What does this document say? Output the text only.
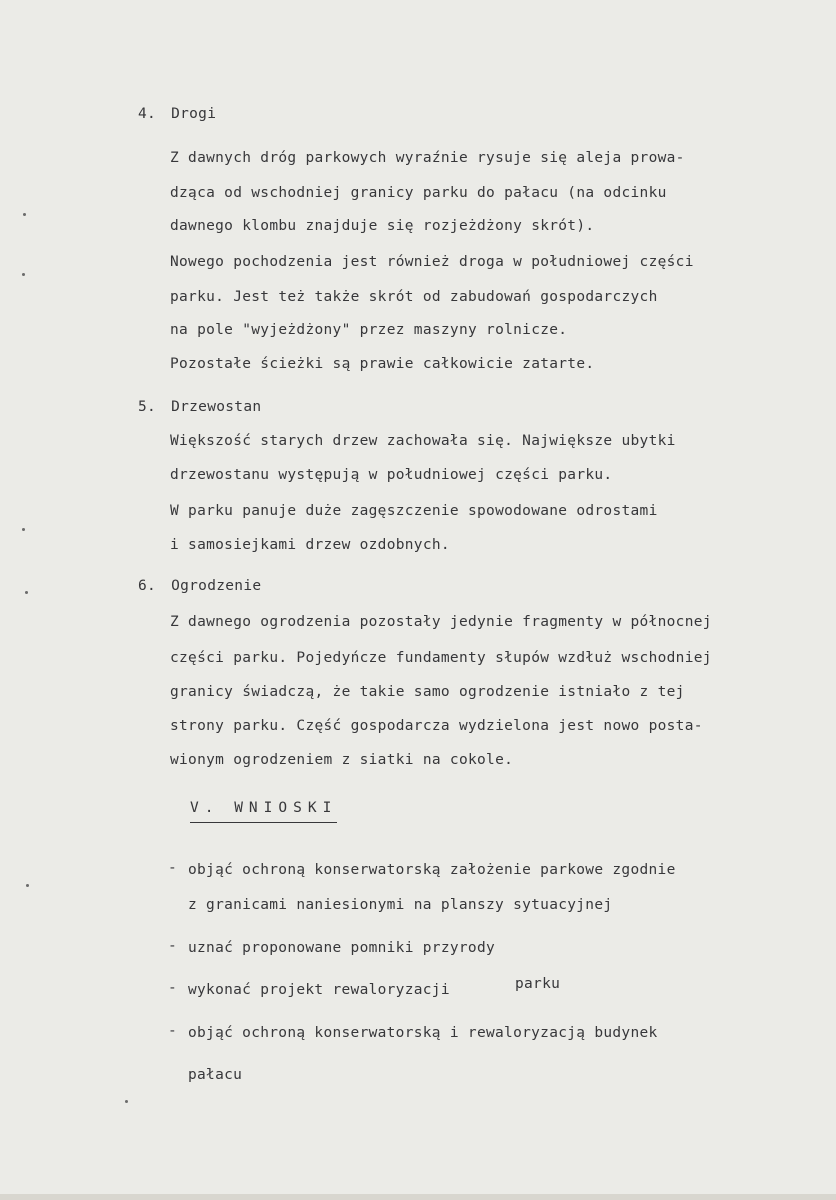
4. Drogi
Z dawnych dróg parkowych wyraźnie rysuje się aleja prowa-
dząca od wschodniej granicy parku do pałacu (na odcinku
dawnego klombu znajduje się rozjeżdżony skrót).
Nowego pochodzenia jest również droga w południowej części
parku. Jest też także skrót od zabudowań gospodarczych
na pole "wyjeżdżony" przez maszyny rolnicze.
Pozostałe ścieżki są prawie całkowicie zatarte.
5. Drzewostan
Większość starych drzew zachowała się. Największe ubytki
drzewostanu występują w południowej części parku.
W parku panuje duże zagęszczenie spowodowane odrostami
i samosiejkami drzew ozdobnych.
6. Ogrodzenie
Z dawnego ogrodzenia pozostały jedynie fragmenty w północnej
części parku. Pojedyńcze fundamenty słupów wzdłuż wschodniej
granicy świadczą, że takie samo ogrodzenie istniało z tej
strony parku. Część gospodarcza wydzielona jest nowo posta-
wionym ogrodzeniem z siatki na cokole.
V. WNIOSKI
- objąć ochroną konserwatorską założenie parkowe zgodnie
z granicami naniesionymi na planszy sytuacyjnej
- uznać proponowane pomniki przyrody
- wykonać projekt rewaloryzacji	parku
- objąć ochroną konserwatorską i rewaloryzacją budynek
pałacu
